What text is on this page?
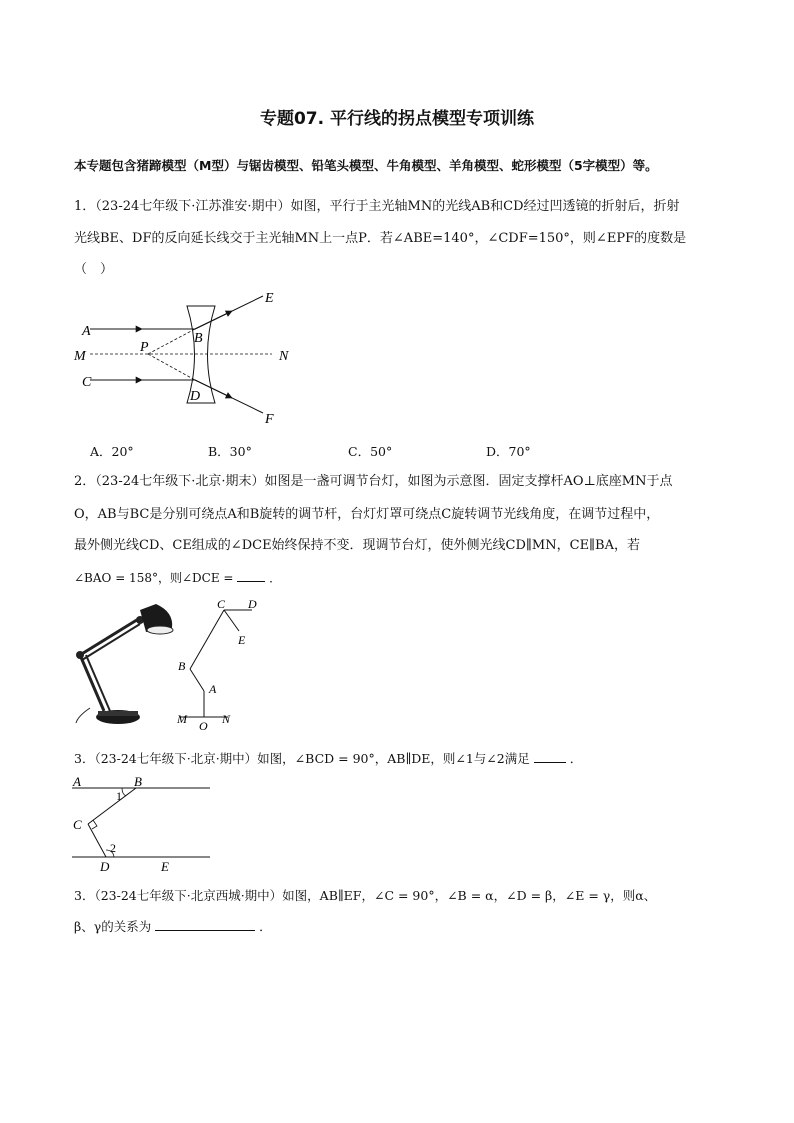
专题07. 平行线的拐点模型专项训练
本专题包含猪蹄模型（M型）与锯齿模型、铅笔头模型、牛角模型、羊角模型、蛇形模型（5字模型）等。
1．（23-24七年级下·江苏淮安·期中）如图，平行于主光轴MN的光线AB和CD经过凹透镜的折射后，折射
光线BE、DF的反向延长线交于主光轴MN上一点P．若∠ABE=140°，∠CDF=150°，则∠EPF的度数是
（　）
A
M
C
P
B
D
N
E
F
A．20°	B．30°	C．50°	D．70°
2．（23-24七年级下·北京·期末）如图是一盏可调节台灯，如图为示意图．固定支撑杆AO⊥底座MN于点
O，AB与BC是分别可绕点A和B旋转的调节杆，台灯灯罩可绕点C旋转调节光线角度，在调节过程中，
最外侧光线CD、CE组成的∠DCE始终保持不变．现调节台灯，使外侧光线CD∥MN，CE∥BA，若
∠BAO = 158°，则∠DCE =	．
M O N
A
B
C D
E
3．（23-24七年级下·北京·期中）如图，∠BCD = 90°，AB∥DE，则∠1与∠2满足	．
A	B
C
D	E
1
2
3．（23-24七年级下·北京西城·期中）如图，AB∥EF，∠C = 90°，∠B = α，∠D = β，∠E = γ，则α、
β、γ的关系为	．
